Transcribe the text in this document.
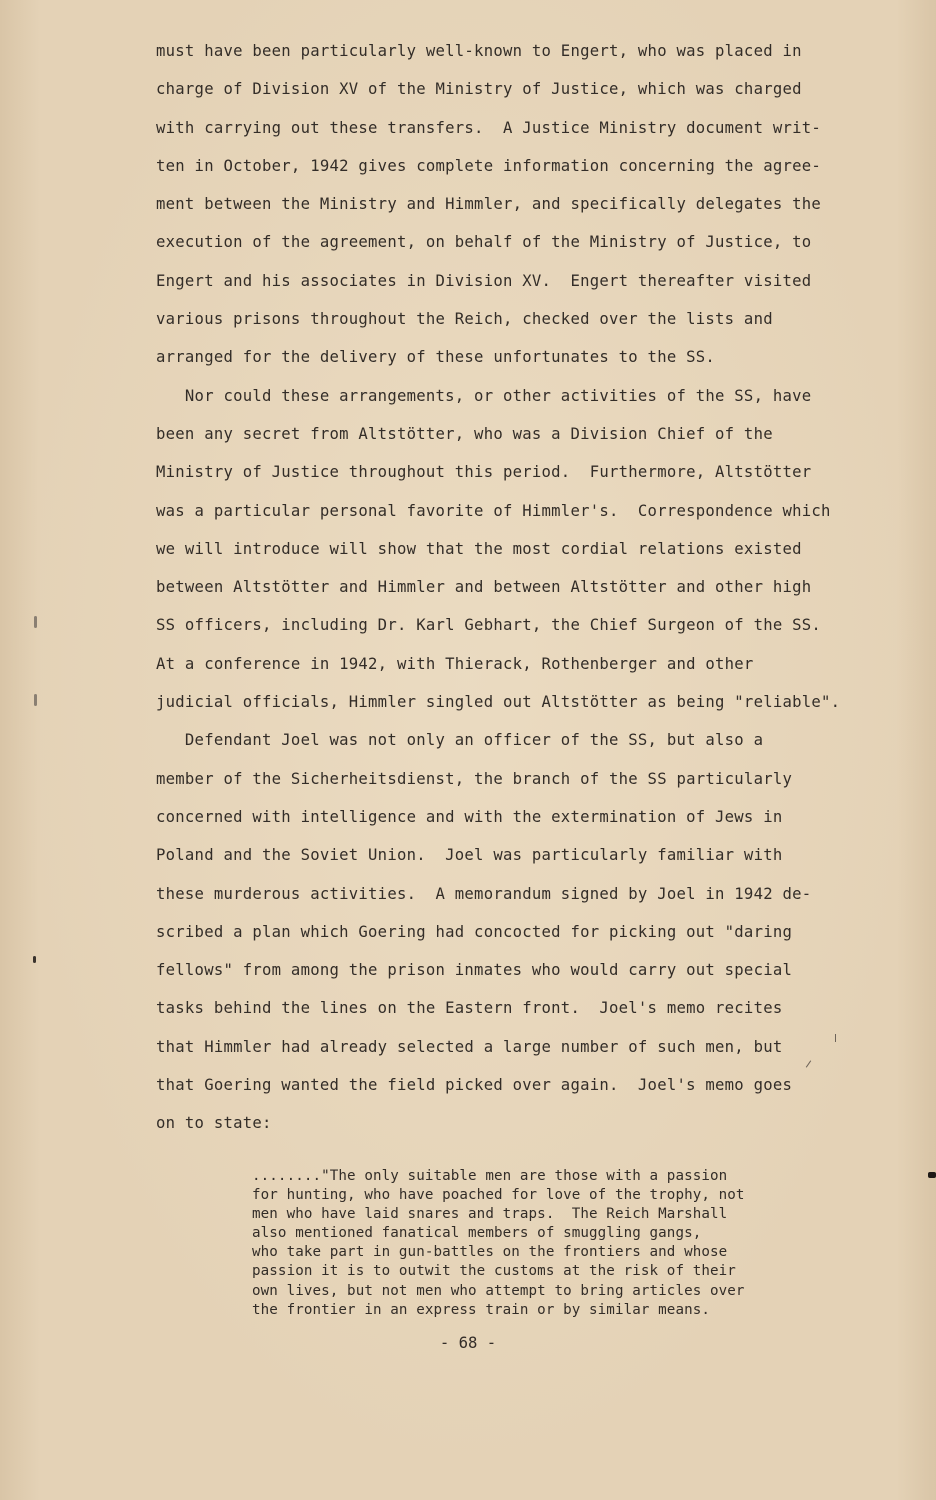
must have been particularly well-known to Engert, who was placed in
charge of Division XV of the Ministry of Justice, which was charged
with carrying out these transfers.  A Justice Ministry document writ-
ten in October, 1942 gives complete information concerning the agree-
ment between the Ministry and Himmler, and specifically delegates the
execution of the agreement, on behalf of the Ministry of Justice, to
Engert and his associates in Division XV.  Engert thereafter visited
various prisons throughout the Reich, checked over the lists and
arranged for the delivery of these unfortunates to the SS.
Nor could these arrangements, or other activities of the SS, have
been any secret from Altstötter, who was a Division Chief of the
Ministry of Justice throughout this period.  Furthermore, Altstötter
was a particular personal favorite of Himmler's.  Correspondence which
we will introduce will show that the most cordial relations existed
between Altstötter and Himmler and between Altstötter and other high
SS officers, including Dr. Karl Gebhart, the Chief Surgeon of the SS.
At a conference in 1942, with Thierack, Rothenberger and other
judicial officials, Himmler singled out Altstötter as being "reliable".
Defendant Joel was not only an officer of the SS, but also a
member of the Sicherheitsdienst, the branch of the SS particularly
concerned with intelligence and with the extermination of Jews in
Poland and the Soviet Union.  Joel was particularly familiar with
these murderous activities.  A memorandum signed by Joel in 1942 de-
scribed a plan which Goering had concocted for picking out "daring
fellows" from among the prison inmates who would carry out special
tasks behind the lines on the Eastern front.  Joel's memo recites
that Himmler had already selected a large number of such men, but
that Goering wanted the field picked over again.  Joel's memo goes
on to state:
........"The only suitable men are those with a passion
for hunting, who have poached for love of the trophy, not
men who have laid snares and traps.  The Reich Marshall
also mentioned fanatical members of smuggling gangs,
who take part in gun-battles on the frontiers and whose
passion it is to outwit the customs at the risk of their
own lives, but not men who attempt to bring articles over
the frontier in an express train or by similar means.
- 68 -
